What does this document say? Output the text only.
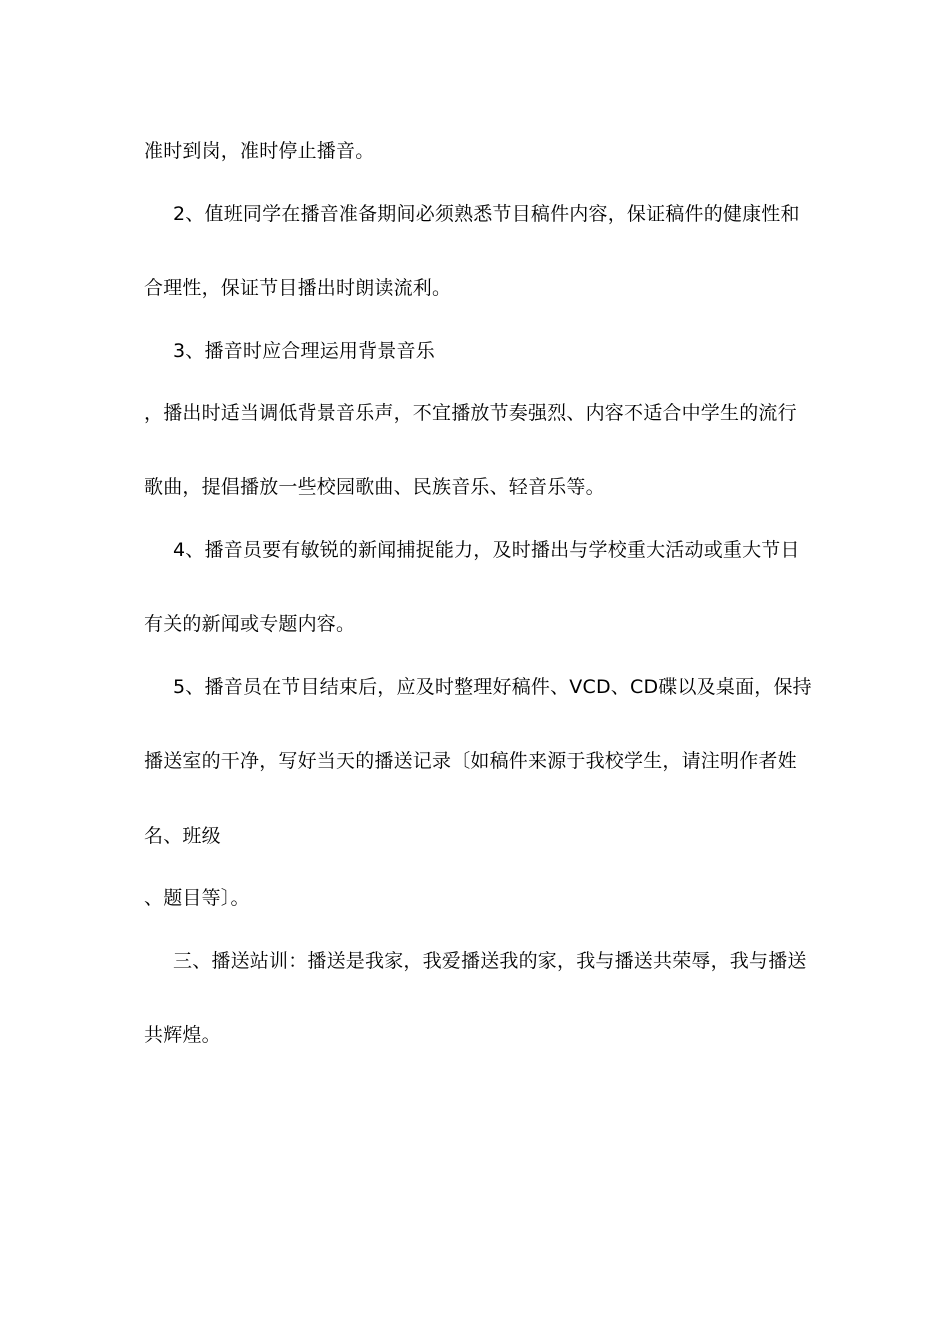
准时到岗，准时停止播音。
2、值班同学在播音准备期间必须熟悉节目稿件内容，保证稿件的健康性和
合理性，保证节目播出时朗读流利。
3、播音时应合理运用背景音乐
，播出时适当调低背景音乐声，不宜播放节奏强烈、内容不适合中学生的流行
歌曲，提倡播放一些校园歌曲、民族音乐、轻音乐等。
4、播音员要有敏锐的新闻捕捉能力，及时播出与学校重大活动或重大节日
有关的新闻或专题内容。
5、播音员在节目结束后，应及时整理好稿件、VCD、CD碟以及桌面，保持
播送室的干净，写好当天的播送记录〔如稿件来源于我校学生，请注明作者姓
名、班级
、题目等〕。
三、播送站训：播送是我家，我爱播送我的家，我与播送共荣辱，我与播送
共辉煌。
